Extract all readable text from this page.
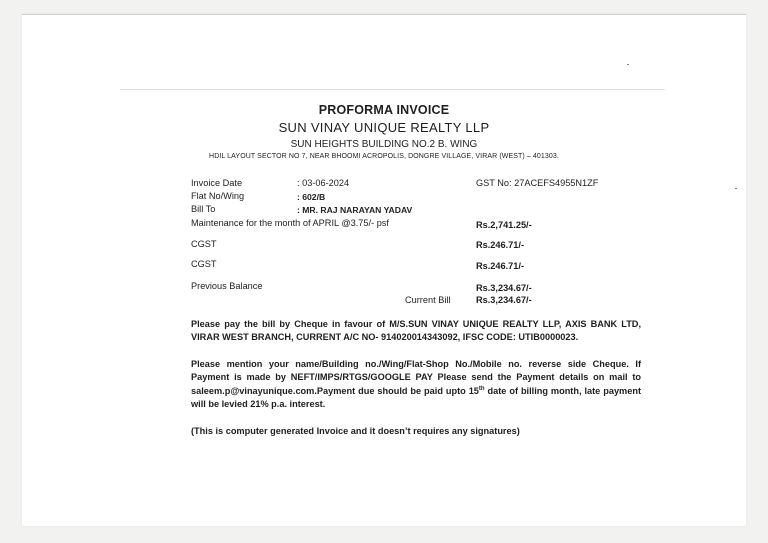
PROFORMA INVOICE
SUN VINAY UNIQUE REALTY LLP
SUN HEIGHTS BUILDING NO.2 B. WING
HDIL LAYOUT SECTOR NO 7, NEAR BHOOMI ACROPOLIS, DONGRE VILLAGE, VIRAR (WEST) – 401303.
Invoice Date	: 03-06-2024	GST No: 27ACEFS4955N1ZF
Flat No/Wing	: 602/B
Bill To	: MR. RAJ NARAYAN YADAV
Maintenance for the month of APRIL @3.75/- psf	Rs.2,741.25/-
CGST	Rs.246.71/-
CGST	Rs.246.71/-
Previous Balance	Rs.3,234.67/-
Current Bill	Rs.3,234.67/-
Please pay the bill by Cheque in favour of M/S.SUN VINAY UNIQUE REALTY LLP, AXIS BANK LTD, VIRAR WEST BRANCH, CURRENT A/C NO- 914020014343092, IFSC CODE: UTIB0000023.
Please mention your name/Building no./Wing/Flat-Shop No./Mobile no. reverse side Cheque. If Payment is made by NEFT/IMPS/RTGS/GOOGLE PAY Please send the Payment details on mail to saleem.p@vinayunique.com.Payment due should be paid upto 15th date of billing month, late payment will be levied 21% p.a. interest.
(This is computer generated Invoice and it doesn’t requires any signatures)
